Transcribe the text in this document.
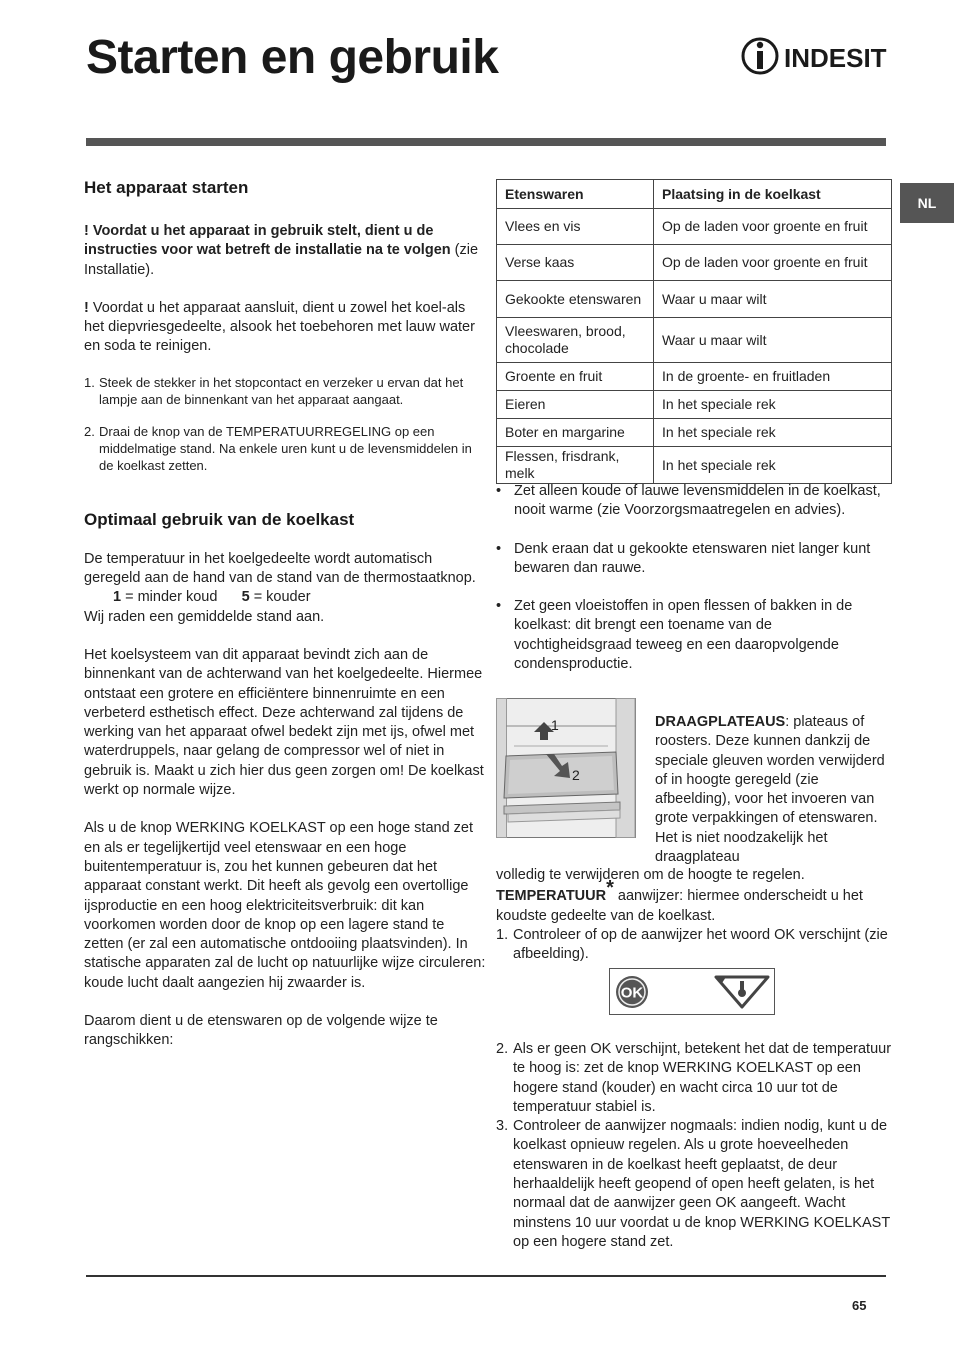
Starten en gebruik	INDESIT
NL
Het apparaat starten

! Voordat u het apparaat in gebruik stelt, dient u de instructies voor wat betreft de installatie na te volgen (zie Installatie).

! Voordat u het apparaat aansluit, dient u zowel het koel-als het diepvriesgedeelte, alsook het toebehoren met lauw water en soda te reinigen.

1. Steek de stekker in het stopcontact en verzeker u ervan dat het lampje aan de binnenkant van het apparaat aangaat.
2. Draai de knop van de TEMPERATUURREGELING op een middelmatige stand. Na enkele uren kunt u de levensmiddelen in de koelkast zetten.
Optimaal gebruik van de koelkast

De temperatuur in het koelgedeelte wordt automatisch geregeld aan de hand van de stand van de thermostaatknop.

1 = minder koud 5 = kouder

Wij raden een gemiddelde stand aan.

Het koelsysteem van dit apparaat bevindt zich aan de binnenkant van de achterwand van het koelgedeelte. Hiermee ontstaat een grotere en efficiëntere binnenruimte en een verbeterd esthetisch effect. Deze achterwand zal tijdens de werking van het apparaat ofwel bedekt zijn met ijs, ofwel met waterdruppels, naar gelang de compressor wel of niet in gebruik is. Maakt u zich hier dus geen zorgen om! De koelkast werkt op normale wijze.

Als u de knop WERKING KOELKAST op een hoge stand zet en als er tegelijkertijd veel etenswaar en een hoge buitentemperatuur is, zou het kunnen gebeuren dat het apparaat constant werkt. Dit heeft als gevolg een overtollige ijsproductie en een hoog elektriciteitsverbruik: dit kan voorkomen worden door de knop op een lagere stand te zetten (er zal een automatische ontdooiing plaatsvinden). In statische apparaten zal de lucht op natuurlijke wijze circuleren: koude lucht daalt aangezien hij zwaarder is.

Daarom dient u de etenswaren op de volgende wijze te rangschikken:

Etenswaren	Plaatsing in de koelkast
Vlees en vis	Op de laden voor groente en fruit
Verse kaas	Op de laden voor groente en fruit
Gekookte etenswaren	Waar u maar wilt
Vleeswaren, brood, chocolade	Waar u maar wilt
Groente en fruit	In de groente- en fruitladen
Eieren	In het speciale rek
Boter en margarine	In het speciale rek
Flessen, frisdrank, melk	In het speciale rek
• Zet alleen koude of lauwe levensmiddelen in de koelkast, nooit warme (zie Voorzorgsmaatregelen en advies).
• Denk eraan dat u gekookte etenswaren niet langer kunt bewaren dan rauwe.
• Zet geen vloeistoffen in open flessen of bakken in de koelkast: dit brengt een toename van de vochtigheidsgraad teweeg en een daaropvolgende condensproductie.
1
2
DRAAGPLATEAUS: plateaus of roosters. Deze kunnen dankzij de speciale gleuven worden verwijderd of in hoogte geregeld (zie afbeelding), voor het invoeren van grote verpakkingen of etenswaren. Het is niet noodzakelijk het draagplateau
volledig te verwijderen om de hoogte te regelen.
TEMPERATUUR* aanwijzer: hiermee onderscheidt u het koudste gedeelte van de koelkast.
1. Controleer of op de aanwijzer het woord OK verschijnt (zie afbeelding).
OK
2. Als er geen OK verschijnt, betekent het dat de temperatuur te hoog is: zet de knop WERKING KOELKAST op een hogere stand (kouder) en wacht circa 10 uur tot de temperatuur stabiel is.
3. Controleer de aanwijzer nogmaals: indien nodig, kunt u de koelkast opnieuw regelen. Als u grote hoeveelheden etenswaren in de koelkast heeft geplaatst, de deur herhaaldelijk heeft geopend of open heeft gelaten, is het normaal dat de aanwijzer geen OK aangeeft. Wacht minstens 10 uur voordat u de knop WERKING KOELKAST op een hogere stand zet.
65
